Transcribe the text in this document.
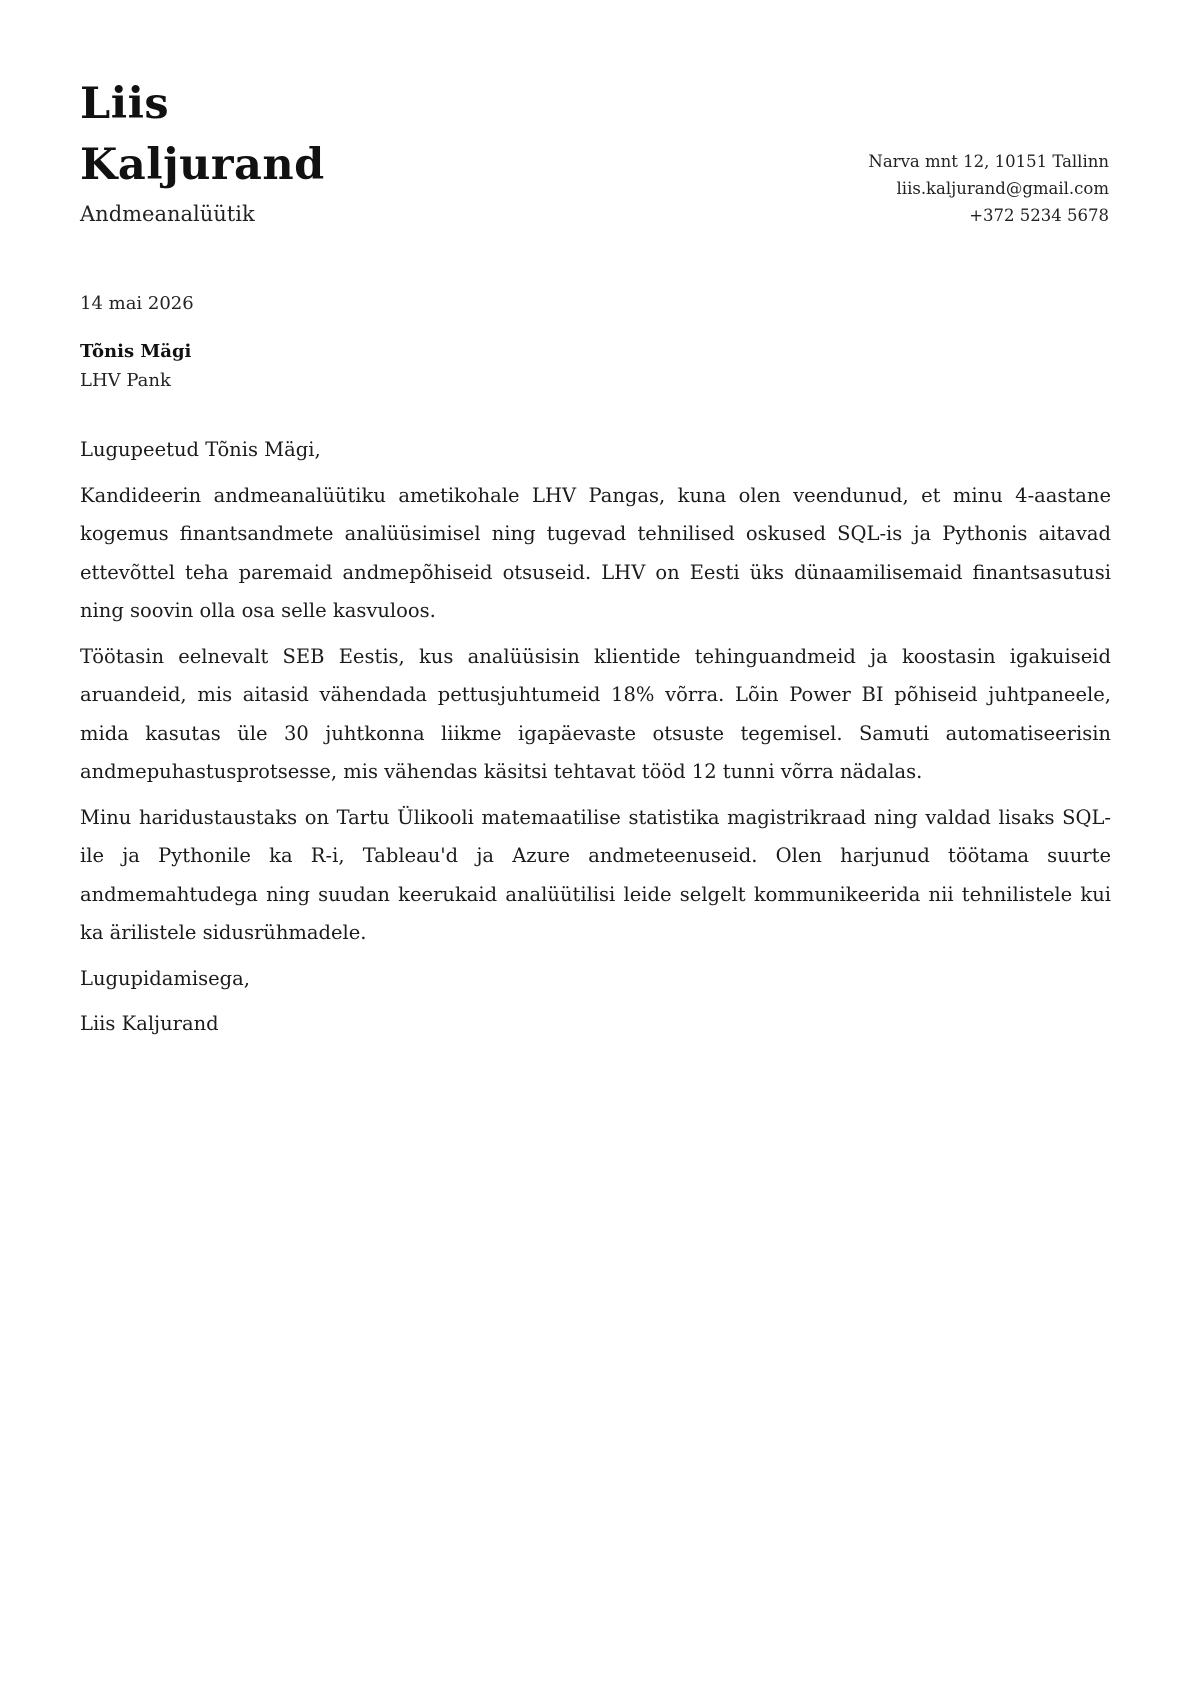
Liis
Kaljurand
Andmeanalüütik
Narva mnt 12, 10151 Tallinn
liis.kaljurand@gmail.com
+372 5234 5678
14 mai 2026
Tõnis Mägi
LHV Pank

Lugupeetud Tõnis Mägi,

Kandideerin andmeanalüütiku ametikohale LHV Pangas, kuna olen veendunud, et minu 4-aastane kogemus finantsandmete analüüsimisel ning tugevad tehnilised oskused SQL-is ja Pythonis aitavad ettevõttel teha paremaid andmepõhiseid otsuseid. LHV on Eesti üks dünaamilisemaid finantsasutusi ning soovin olla osa selle kasvuloos.

Töötasin eelnevalt SEB Eestis, kus analüüsisin klientide tehinguandmeid ja koostasin igakuiseid aruandeid, mis aitasid vähendada pettusjuhtumeid 18% võrra. Lõin Power BI põhiseid juhtpaneele, mida kasutas üle 30 juhtkonna liikme igapäevaste otsuste tegemisel. Samuti automatiseerisin andmepuhastusprotsesse, mis vähendas käsitsi tehtavat tööd 12 tunni võrra nädalas.

Minu haridustaustaks on Tartu Ülikooli matemaatilise statistika magistrikraad ning valdad lisaks SQL-ile ja Pythonile ka R-i, Tableau'd ja Azure andmeteenuseid. Olen harjunud töötama suurte andmemahtudega ning suudan keerukaid analüütilisi leide selgelt kommunikeerida nii tehnilistele kui ka ärilistele sidusrühmadele.

Lugupidamisega,

Liis Kaljurand
